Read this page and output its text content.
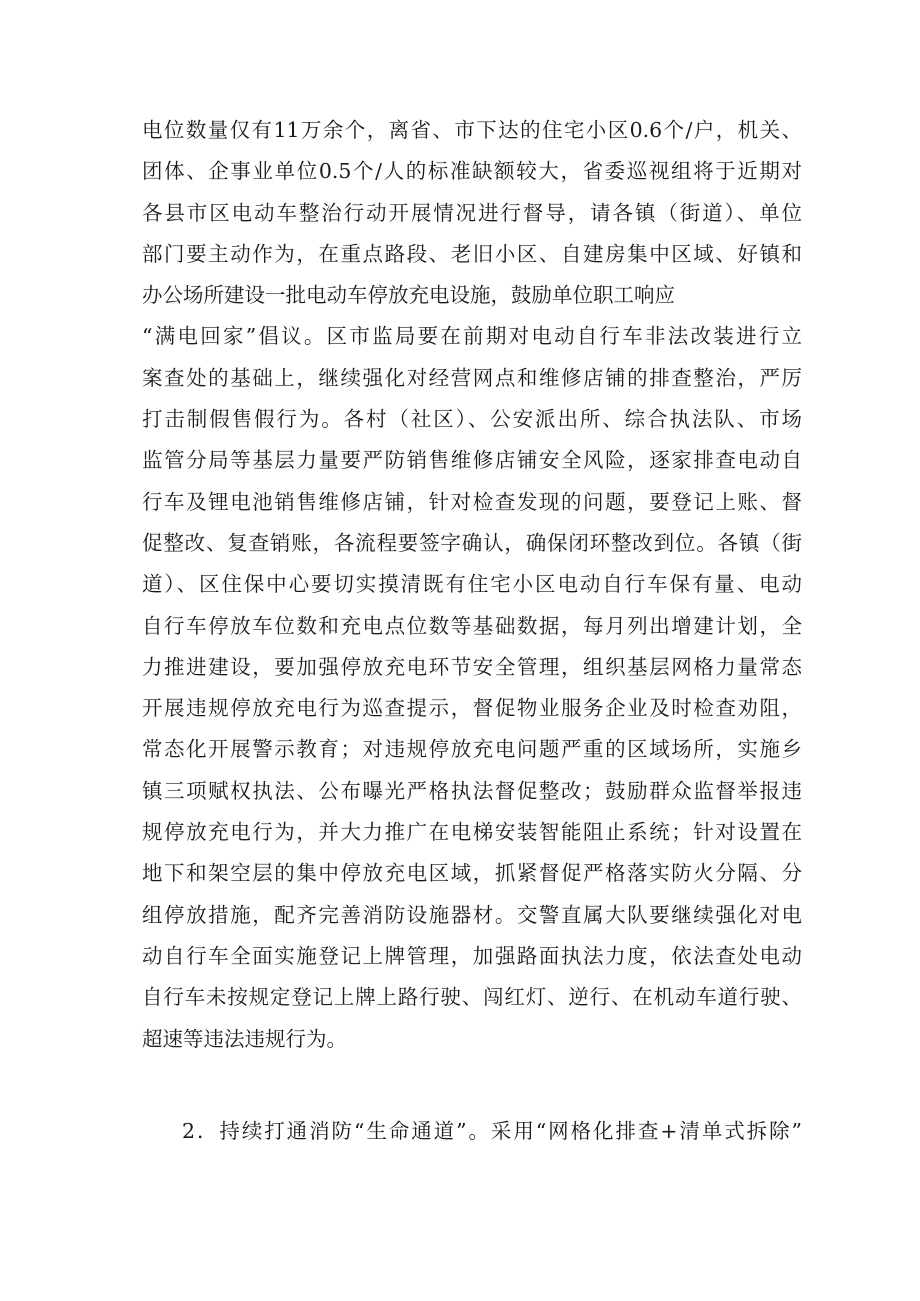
电位数量仅有11万余个，离省、市下达的住宅小区0.6个/户，机关、
团体、企事业单位0.5个/人的标准缺额较大，省委巡视组将于近期对
各县市区电动车整治行动开展情况进行督导，请各镇（街道）、单位
部门要主动作为，在重点路段、老旧小区、自建房集中区域、好镇和
办公场所建设一批电动车停放充电设施，鼓励单位职工响应
“满电回家”倡议。区市监局要在前期对电动自行车非法改装进行立
案查处的基础上，继续强化对经营网点和维修店铺的排查整治，严厉
打击制假售假行为。各村（社区）、公安派出所、综合执法队、市场
监管分局等基层力量要严防销售维修店铺安全风险，逐家排查电动自
行车及锂电池销售维修店铺，针对检查发现的问题，要登记上账、督
促整改、复查销账，各流程要签字确认，确保闭环整改到位。各镇（街
道）、区住保中心要切实摸清既有住宅小区电动自行车保有量、电动
自行车停放车位数和充电点位数等基础数据，每月列出增建计划，全
力推进建设，要加强停放充电环节安全管理，组织基层网格力量常态
开展违规停放充电行为巡查提示，督促物业服务企业及时检查劝阻，
常态化开展警示教育；对违规停放充电问题严重的区域场所，实施乡
镇三项赋权执法、公布曝光严格执法督促整改；鼓励群众监督举报违
规停放充电行为，并大力推广在电梯安装智能阻止系统；针对设置在
地下和架空层的集中停放充电区域，抓紧督促严格落实防火分隔、分
组停放措施，配齐完善消防设施器材。交警直属大队要继续强化对电
动自行车全面实施登记上牌管理，加强路面执法力度，依法查处电动
自行车未按规定登记上牌上路行驶、闯红灯、逆行、在机动车道行驶、
超速等违法违规行为。
2．持续打通消防“生命通道”。采用“网格化排查+清单式拆除”
